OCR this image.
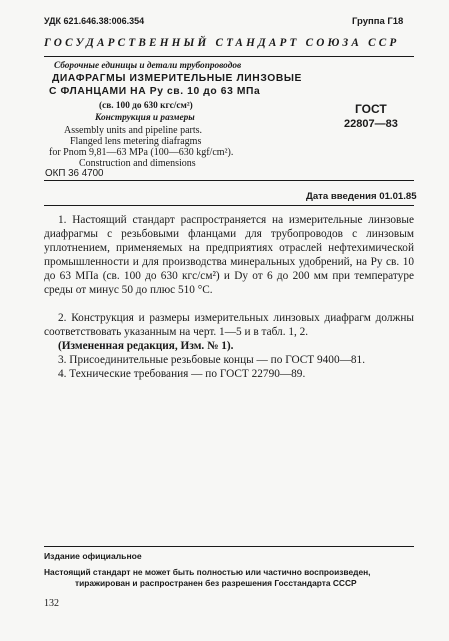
УДК 621.646.38:006.354	Группа Г18
ГОСУДАРСТВЕННЫЙ СТАНДАРТ СОЮЗА ССР
Сборочные единицы и детали трубопроводов
ДИАФРАГМЫ ИЗМЕРИТЕЛЬНЫЕ ЛИНЗОВЫЕ
С ФЛАНЦАМИ НА Pу св. 10 до 63 МПа
(св. 100 до 630 кгс/см²)
Конструкция и размеры
Assembly units and pipeline parts.
Flanged lens metering diafragms
for Pnom 9,81—63 MPa (100—630 kgf/cm²).
Construction and dimensions
ГОСТ
22807—83
ОКП 36 4700
Дата введения 01.01.85
1. Настоящий стандарт распространяется на измерительные линзовые диафрагмы с резьбовыми фланцами для трубопроводов с линзовым уплотнением, применяемых на предприятиях отраслей нефтехимической промышленности и для производства минеральных удобрений, на Pу св. 10 до 63 МПа (св. 100 до 630 кгс/см²) и Dу от 6 до 200 мм при температуре среды от минус 50 до плюс 510 °С.
2. Конструкция и размеры измерительных линзовых диафрагм должны соответствовать указанным на черт. 1—5 и в табл. 1, 2.
(Измененная редакция, Изм. № 1).
3. Присоединительные резьбовые концы — по ГОСТ 9400—81.
4. Технические требования — по ГОСТ 22790—89.
Издание официальное
Настоящий стандарт не может быть полностью или частично воспроизведен,
тиражирован и распространен без разрешения Госстандарта СССР
132
